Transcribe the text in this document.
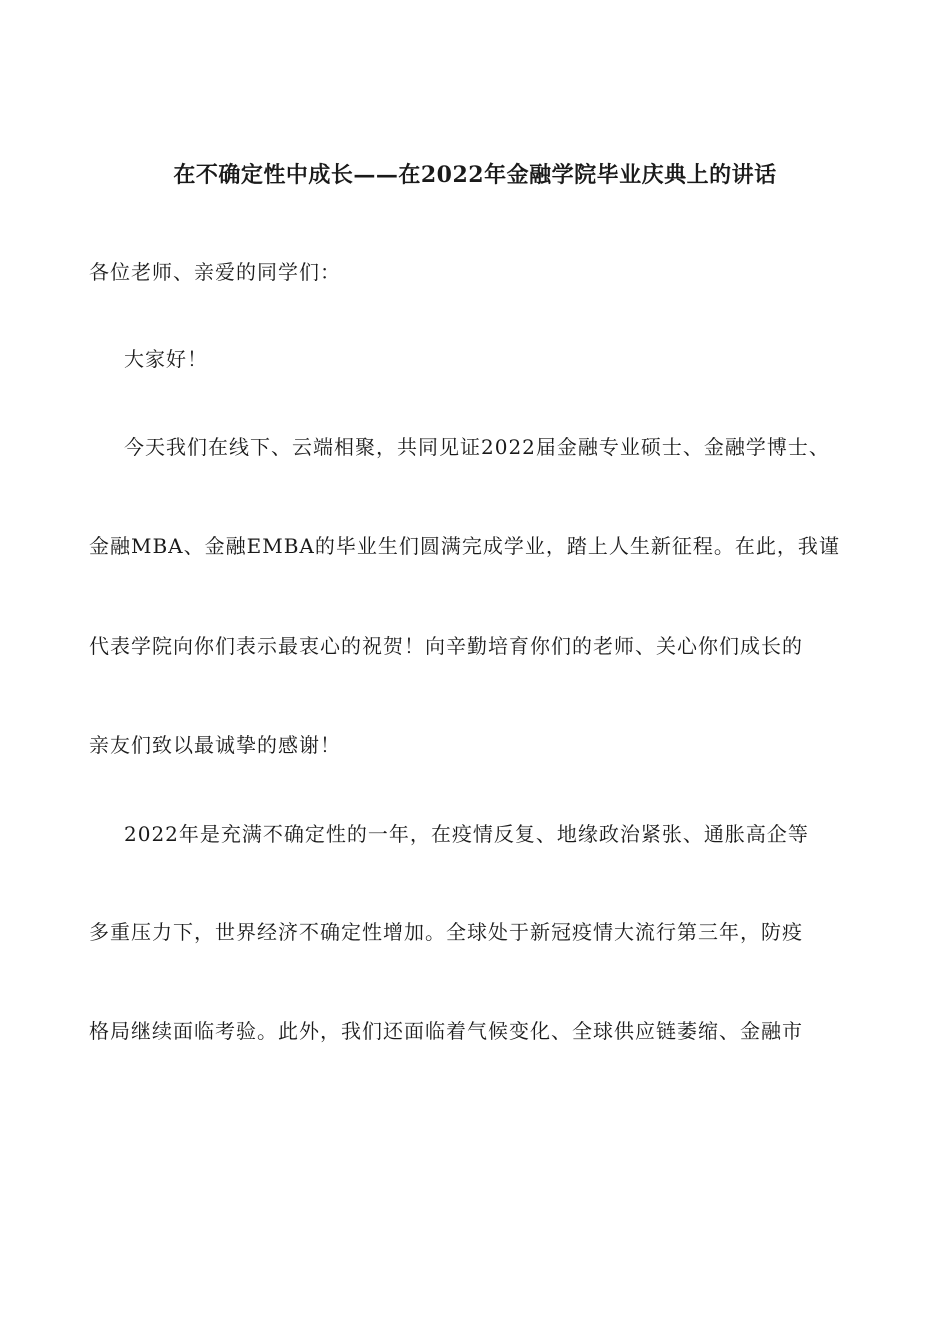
在不确定性中成长——在2022年金融学院毕业庆典上的讲话
各位老师、亲爱的同学们：
大家好！
今天我们在线下、云端相聚，共同见证2022届金融专业硕士、金融学博士、
金融MBA、金融EMBA的毕业生们圆满完成学业，踏上人生新征程。在此，我谨
代表学院向你们表示最衷心的祝贺！向辛勤培育你们的老师、关心你们成长的
亲友们致以最诚挚的感谢！
2022年是充满不确定性的一年，在疫情反复、地缘政治紧张、通胀高企等
多重压力下，世界经济不确定性增加。全球处于新冠疫情大流行第三年，防疫
格局继续面临考验。此外，我们还面临着气候变化、全球供应链萎缩、金融市
